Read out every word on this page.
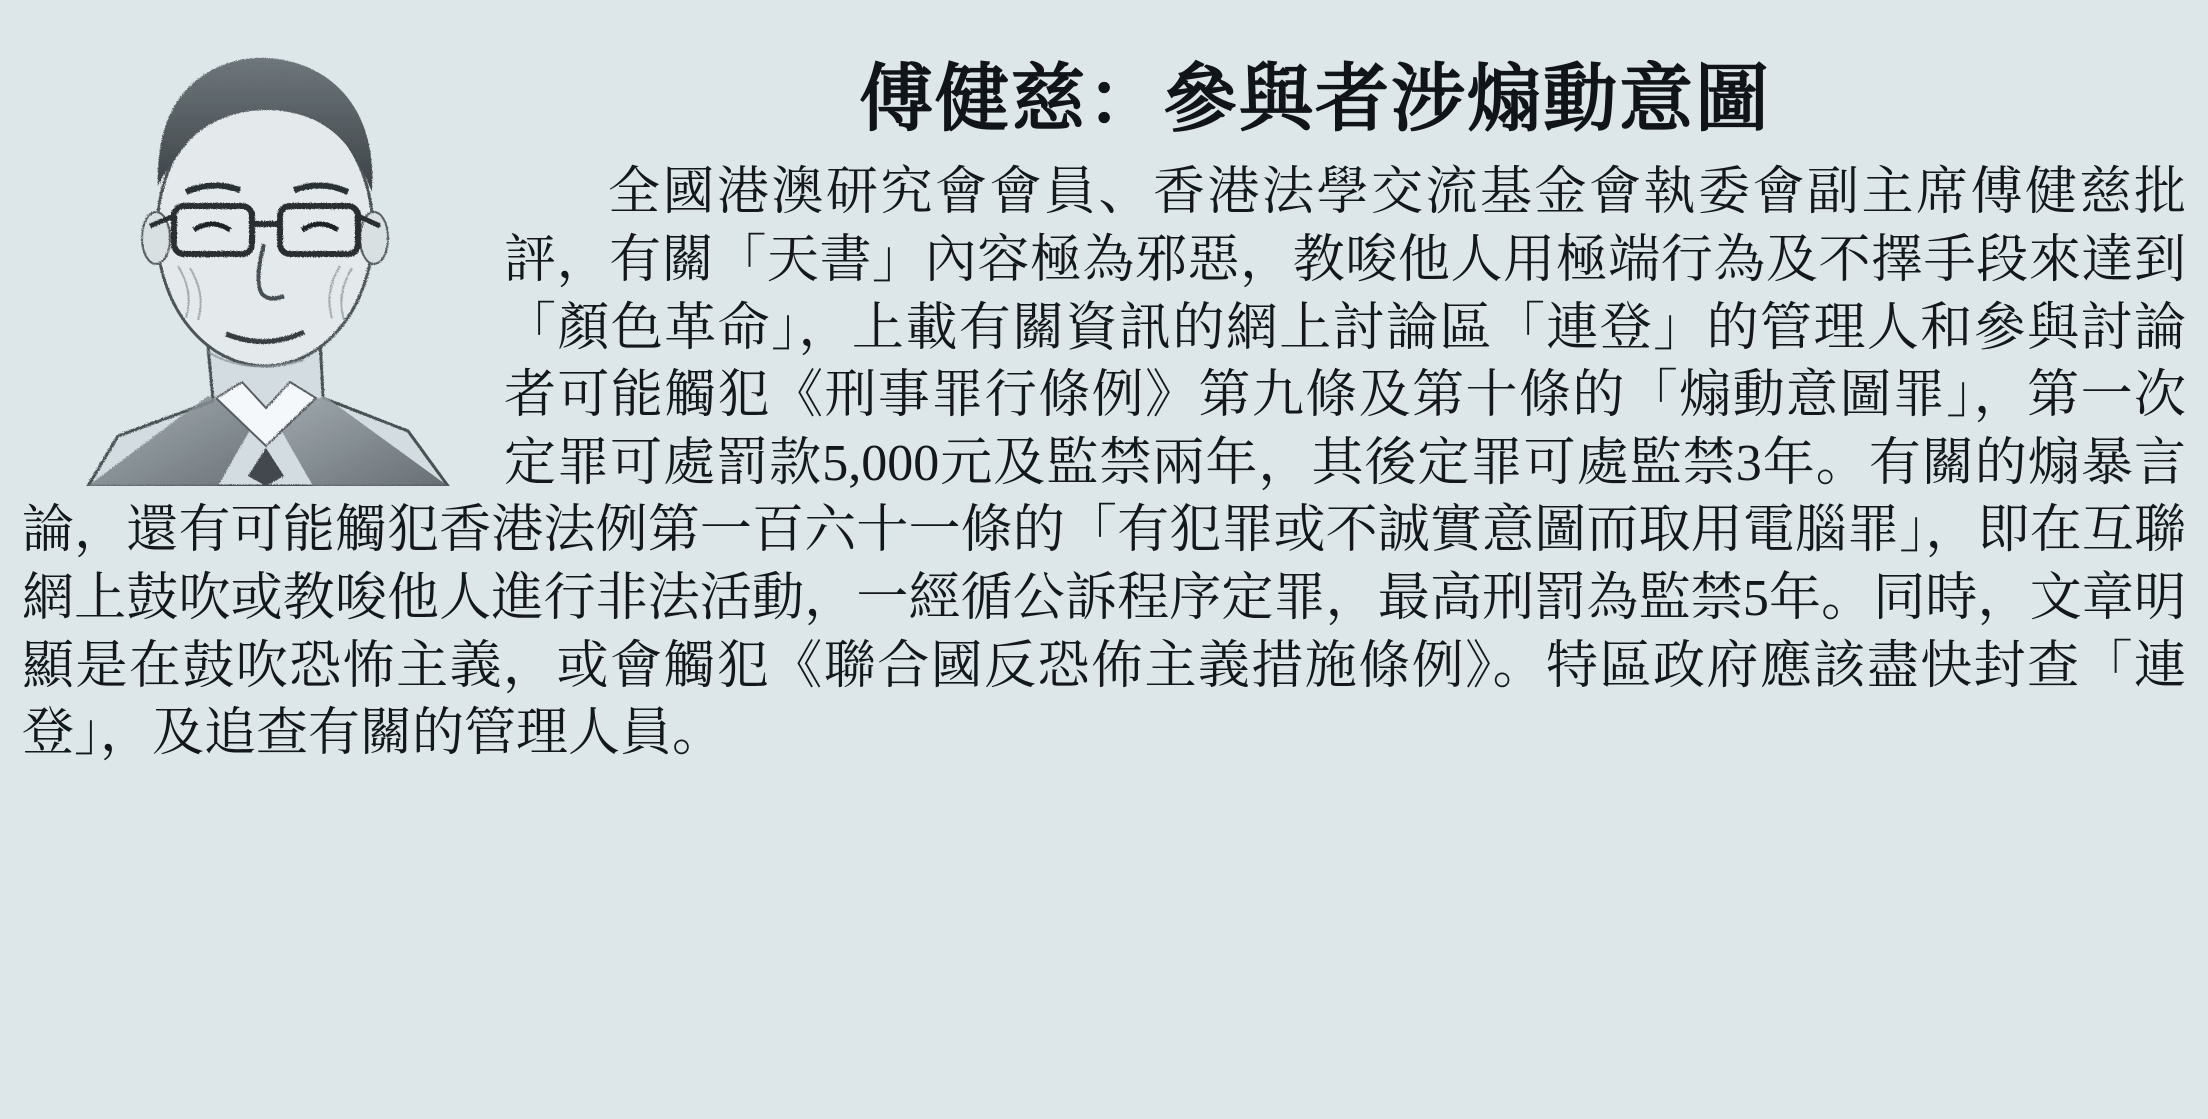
傅健慈：參與者涉煽動意圖

全國港澳研究會會員、香港法學交流基金會執委會副主席傅健慈批評，有關「天書」內容極為邪惡，教唆他人用極端行為及不擇手段來達到「顏色革命」，上載有關資訊的網上討論區「連登」的管理人和參與討論者可能觸犯《刑事罪行條例》第九條及第十條的「煽動意圖罪」，第一次定罪可處罰款5,000元及監禁兩年，其後定罪可處監禁3年。有關的煽暴言論，還有可能觸犯香港法例第一百六十一條的「有犯罪或不誠實意圖而取用電腦罪」，即在互聯網上鼓吹或教唆他人進行非法活動，一經循公訴程序定罪，最高刑罰為監禁5年。同時，文章明顯是在鼓吹恐怖主義，或會觸犯《聯合國反恐佈主義措施條例》。特區政府應該盡快封查「連登」，及追查有關的管理人員。
